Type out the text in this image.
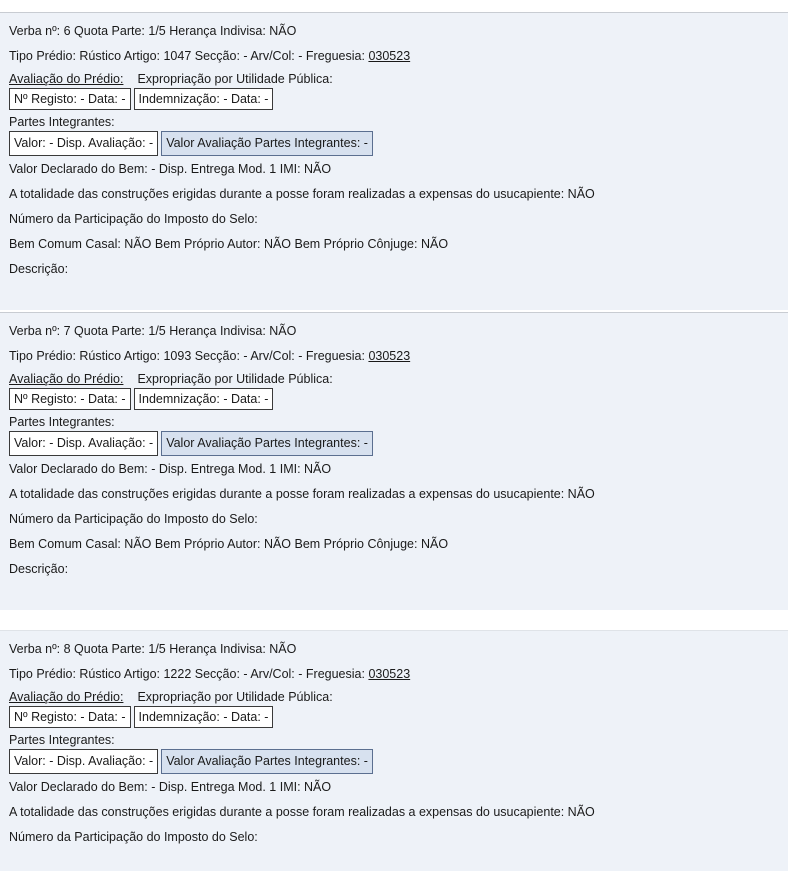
Verba nº: 6 Quota Parte: 1/5 Herança Indivisa: NÃO
Tipo Prédio: Rústico Artigo: 1047 Secção: - Arv/Col: - Freguesia: 030523
Avaliação do Prédio: Expropriação por Utilidade Pública:
Nº Registo: - Data: -	Indemnização: - Data: -
Partes Integrantes:
Valor: - Disp. Avaliação: -	Valor Avaliação Partes Integrantes: -
Valor Declarado do Bem: - Disp. Entrega Mod. 1 IMI: NÃO
A totalidade das construções erigidas durante a posse foram realizadas a expensas do usucapiente: NÃO
Número da Participação do Imposto do Selo:
Bem Comum Casal: NÃO Bem Próprio Autor: NÃO Bem Próprio Cônjuge: NÃO
Descrição:
Verba nº: 7 Quota Parte: 1/5 Herança Indivisa: NÃO
Tipo Prédio: Rústico Artigo: 1093 Secção: - Arv/Col: - Freguesia: 030523
Avaliação do Prédio: Expropriação por Utilidade Pública:
Nº Registo: - Data: -	Indemnização: - Data: -
Partes Integrantes:
Valor: - Disp. Avaliação: -	Valor Avaliação Partes Integrantes: -
Valor Declarado do Bem: - Disp. Entrega Mod. 1 IMI: NÃO
A totalidade das construções erigidas durante a posse foram realizadas a expensas do usucapiente: NÃO
Número da Participação do Imposto do Selo:
Bem Comum Casal: NÃO Bem Próprio Autor: NÃO Bem Próprio Cônjuge: NÃO
Descrição:
Verba nº: 8 Quota Parte: 1/5 Herança Indivisa: NÃO
Tipo Prédio: Rústico Artigo: 1222 Secção: - Arv/Col: - Freguesia: 030523
Avaliação do Prédio: Expropriação por Utilidade Pública:
Nº Registo: - Data: -	Indemnização: - Data: -
Partes Integrantes:
Valor: - Disp. Avaliação: -	Valor Avaliação Partes Integrantes: -
Valor Declarado do Bem: - Disp. Entrega Mod. 1 IMI: NÃO
A totalidade das construções erigidas durante a posse foram realizadas a expensas do usucapiente: NÃO
Número da Participação do Imposto do Selo:
